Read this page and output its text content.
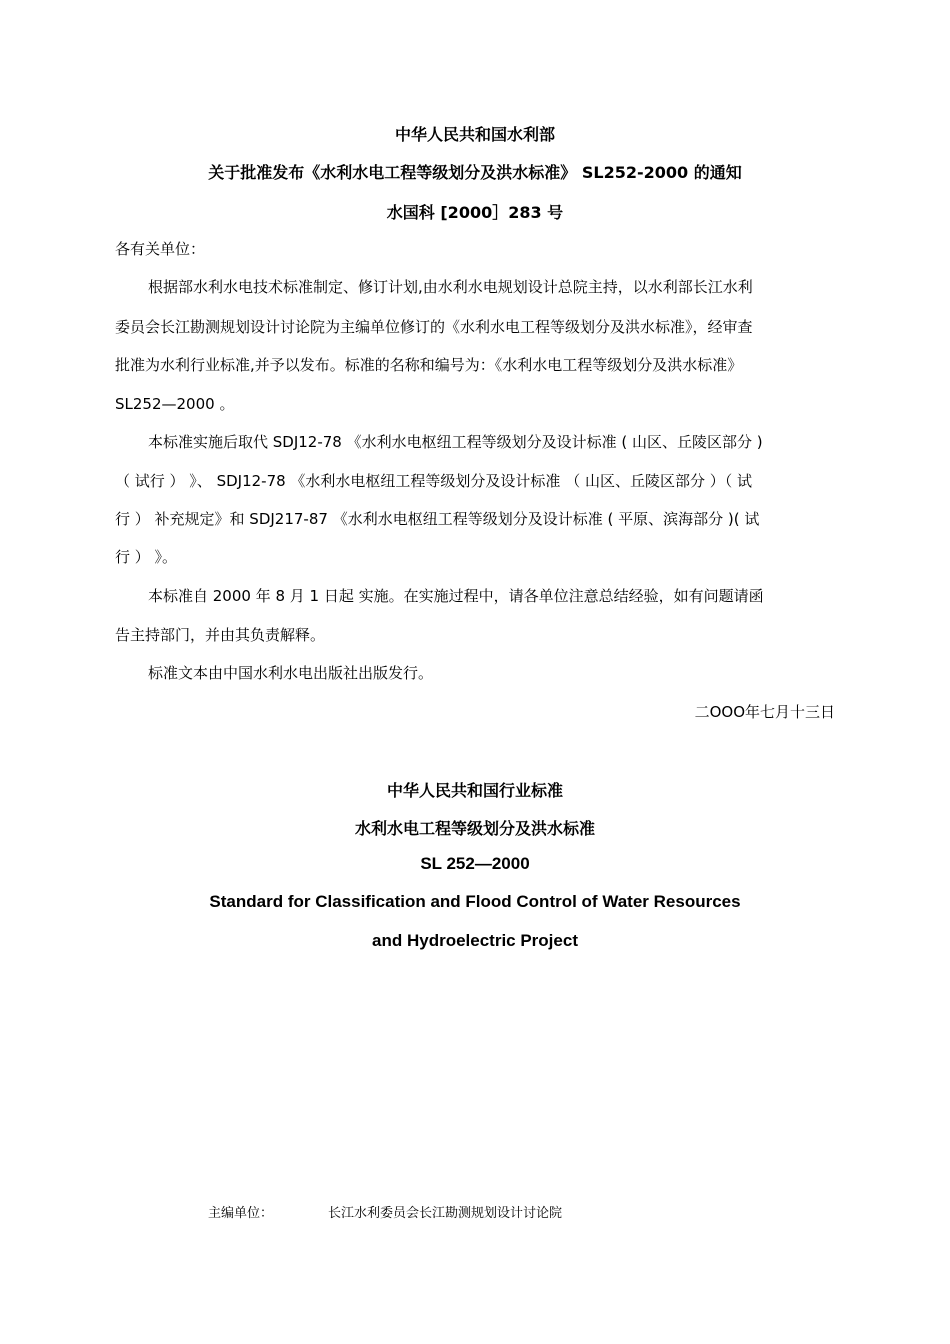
中华人民共和国水利部
关于批准发布《水利水电工程等级划分及洪水标准》 SL252-2000 的通知
水国科 [2000］283 号
各有关单位：
根据部水利水电技术标准制定、修订计划,由水利水电规划设计总院主持，以水利部长江水利
委员会长江勘测规划设计讨论院为主编单位修订的《水利水电工程等级划分及洪水标准》，经审查
批准为水利行业标准,并予以发布。标准的名称和编号为：《水利水电工程等级划分及洪水标准》
SL252—2000 。
本标准实施后取代 SDJ12-78 《水利水电枢纽工程等级划分及设计标准 ( 山区、丘陵区部分 )
（ 试行 ） 》、 SDJ12-78 《水利水电枢纽工程等级划分及设计标准 （ 山区、丘陵区部分 ）（ 试
行 ） 补充规定》和 SDJ217-87 《水利水电枢纽工程等级划分及设计标准 ( 平原、滨海部分 )( 试
行 ） 》。
本标准自 2000 年 8 月 1 日起 实施。在实施过程中，请各单位注意总结经验，如有问题请函
告主持部门，并由其负责解释。
标准文本由中国水利水电出版社出版发行。
二OOO年七月十三日
中华人民共和国行业标准
水利水电工程等级划分及洪水标准
SL 252—2000
Standard for Classification and Flood Control of Water Resources
and Hydroelectric Project
主编单位：	长江水利委员会长江勘测规划设计讨论院
